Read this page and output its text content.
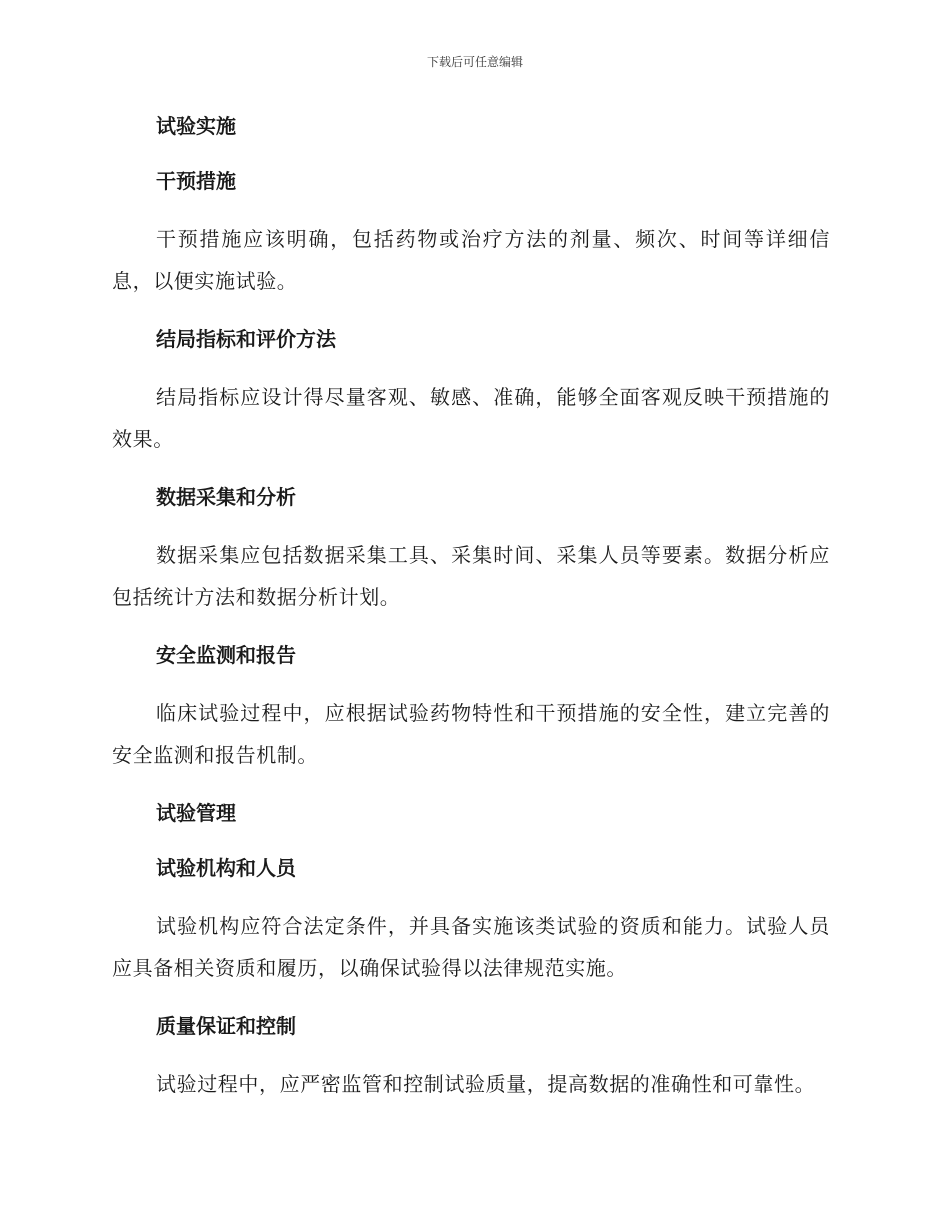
下载后可任意编辑
试验实施
干预措施
干预措施应该明确，包括药物或治疗方法的剂量、频次、时间等详细信息，以便实施试验。
结局指标和评价方法
结局指标应设计得尽量客观、敏感、准确，能够全面客观反映干预措施的效果。
数据采集和分析
数据采集应包括数据采集工具、采集时间、采集人员等要素。数据分析应包括统计方法和数据分析计划。
安全监测和报告
临床试验过程中，应根据试验药物特性和干预措施的安全性，建立完善的安全监测和报告机制。
试验管理
试验机构和人员
试验机构应符合法定条件，并具备实施该类试验的资质和能力。试验人员应具备相关资质和履历，以确保试验得以法律规范实施。
质量保证和控制
试验过程中，应严密监管和控制试验质量，提高数据的准确性和可靠性。
